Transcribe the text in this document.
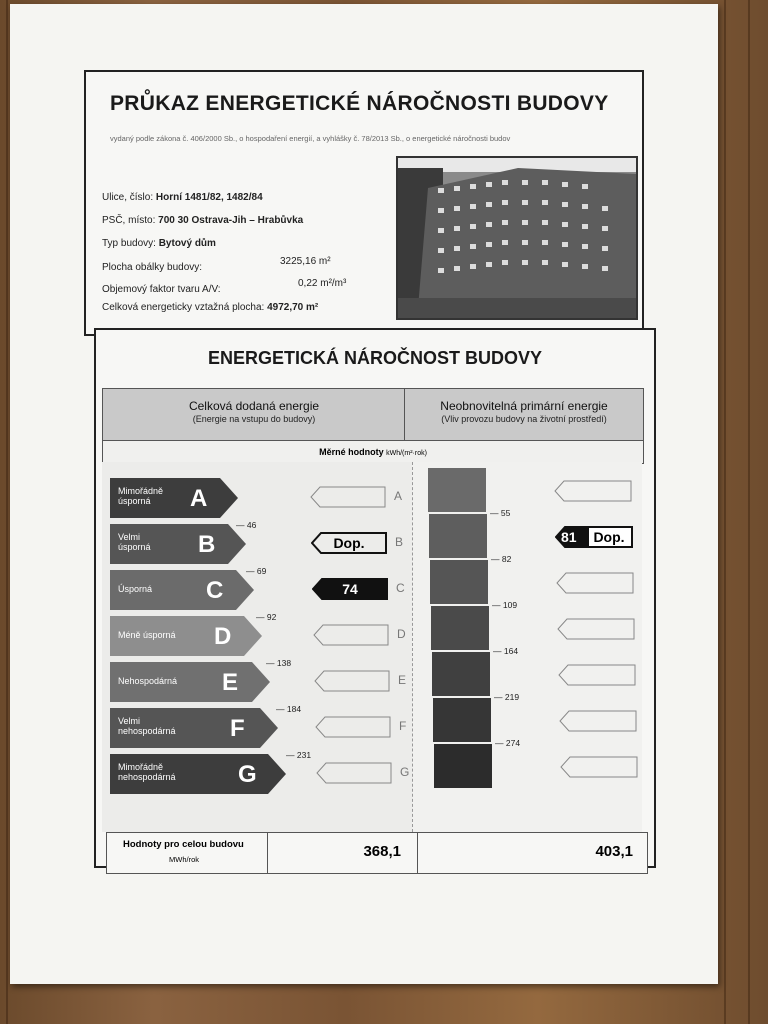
PRŮKAZ ENERGETICKÉ NÁROČNOSTI BUDOVY
vydaný podle zákona č. 406/2000 Sb., o hospodaření energií, a vyhlášky č. 78/2013 Sb., o energetické náročnosti budov
Ulice, číslo: Horní 1481/82, 1482/84
PSČ, místo: 700 30 Ostrava-Jih – Hrabůvka
Typ budovy: Bytový dům
Plocha obálky budovy:
3225,16 m²
Objemový faktor tvaru A/V:
0,22 m²/m³
Celková energeticky vztažná plocha: 4972,70 m²
ENERGETICKÁ NÁROČNOST BUDOVY
Celková dodaná energie
(Energie na vstupu do budovy)
Neobnovitelná primární energie
(Vliv provozu budovy na životní prostředí)
Měrné hodnoty kWh/(m²·rok)
Mimořádně
úsporná	A
Velmi
úsporná B
Úsporná C
Méně úsporná D
Nehospodárná E
Velmi
nehospodárná F
Mimořádně
nehospodárná	G
— 46
— 69
— 92
— 138
— 184
— 231
A
Dop.	B
74	C
D
E
F
G
— 55
— 82
— 109
— 164
— 219
— 274
81	Dop.
Hodnoty pro celou budovu
MWh/rok	368,1	403,1
